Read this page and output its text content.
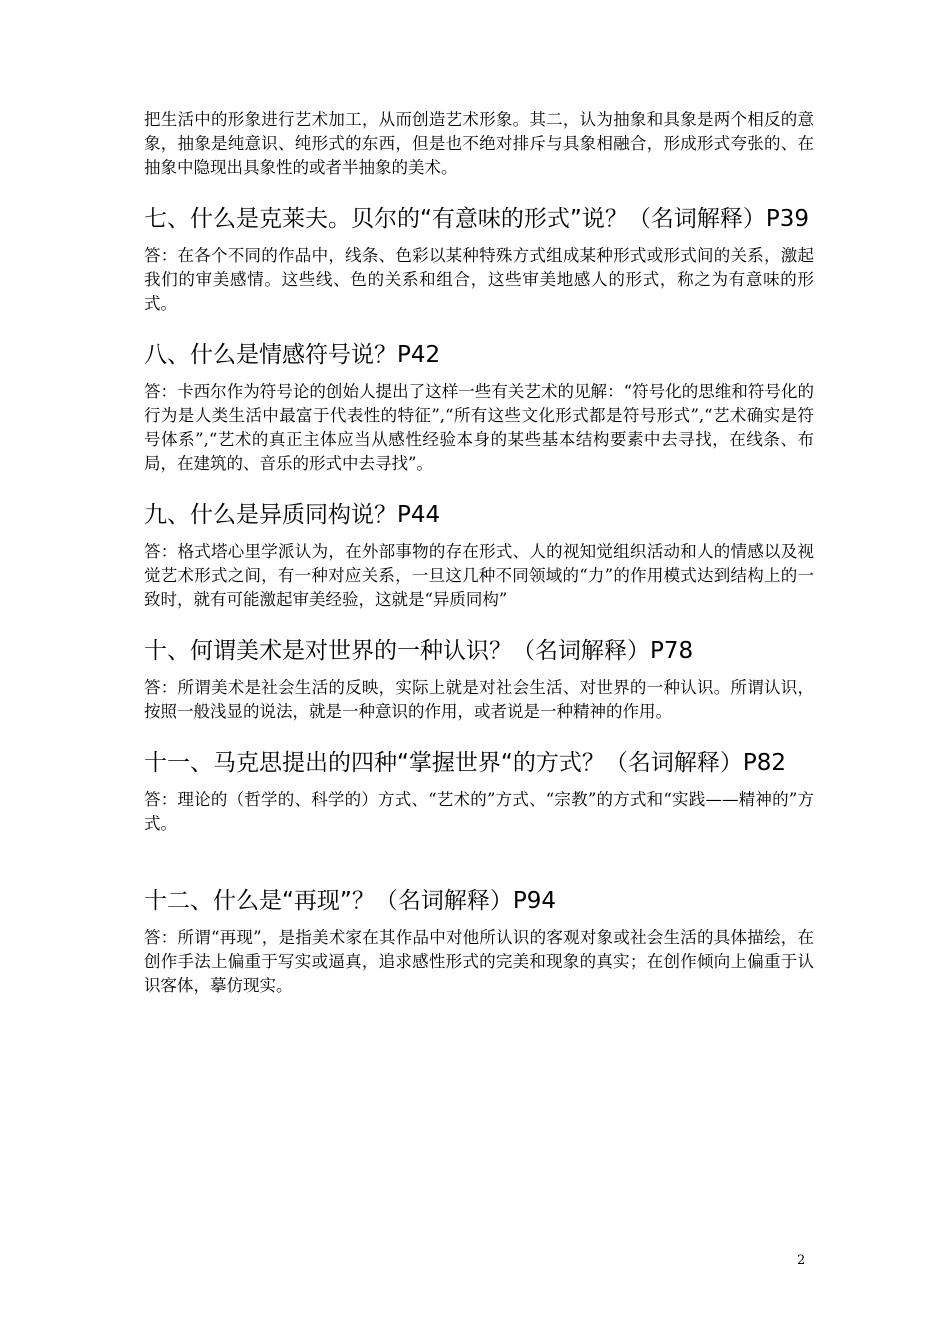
把生活中的形象进行艺术加工，从而创造艺术形象。其二，认为抽象和具象是两个相反的意象，抽象是纯意识、纯形式的东西，但是也不绝对排斥与具象相融合，形成形式夸张的、在抽象中隐现出具象性的或者半抽象的美术。

七、什么是克莱夫。贝尔的“有意味的形式”说？（名词解释）P39

答：在各个不同的作品中，线条、色彩以某种特殊方式组成某种形式或形式间的关系，激起我们的审美感情。这些线、色的关系和组合，这些审美地感人的形式，称之为有意味的形式。

八、什么是情感符号说？P42

答：卡西尔作为符号论的创始人提出了这样一些有关艺术的见解：“符号化的思维和符号化的行为是人类生活中最富于代表性的特征”,“所有这些文化形式都是符号形式”,“艺术确实是符号体系”,“艺术的真正主体应当从感性经验本身的某些基本结构要素中去寻找，在线条、布局，在建筑的、音乐的形式中去寻找”。

九、什么是异质同构说？P44

答：格式塔心里学派认为，在外部事物的存在形式、人的视知觉组织活动和人的情感以及视觉艺术形式之间，有一种对应关系，一旦这几种不同领域的“力”的作用模式达到结构上的一致时，就有可能激起审美经验，这就是“异质同构”

十、何谓美术是对世界的一种认识？（名词解释）P78

答：所谓美术是社会生活的反映，实际上就是对社会生活、对世界的一种认识。所谓认识，按照一般浅显的说法，就是一种意识的作用，或者说是一种精神的作用。

十一、马克思提出的四种“掌握世界“的方式？（名词解释）P82

答：理论的（哲学的、科学的）方式、“艺术的”方式、“宗教”的方式和“实践——精神的”方式。

十二、什么是“再现”？（名词解释）P94

答：所谓“再现”，是指美术家在其作品中对他所认识的客观对象或社会生活的具体描绘，在创作手法上偏重于写实或逼真，追求感性形式的完美和现象的真实；在创作倾向上偏重于认识客体，摹仿现实。

2
